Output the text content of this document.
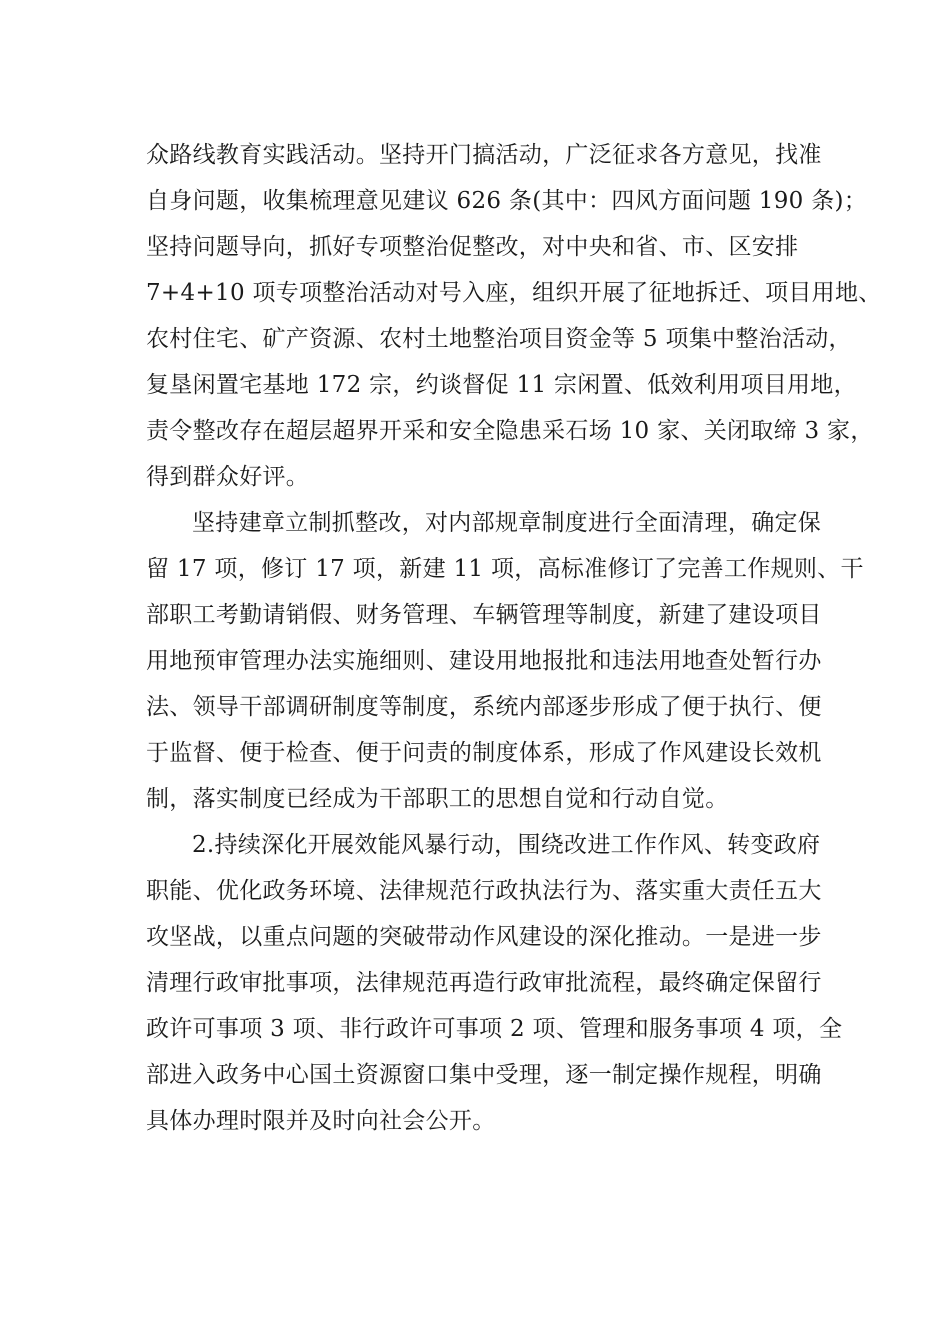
众路线教育实践活动。坚持开门搞活动，广泛征求各方意见，找准
自身问题，收集梳理意见建议 626 条(其中：四风方面问题 190 条)；
坚持问题导向，抓好专项整治促整改，对中央和省、市、区安排
7+4+10 项专项整治活动对号入座，组织开展了征地拆迁、项目用地、
农村住宅、矿产资源、农村土地整治项目资金等 5 项集中整治活动，
复垦闲置宅基地 172 宗，约谈督促 11 宗闲置、低效利用项目用地，
责令整改存在超层超界开采和安全隐患采石场 10 家、关闭取缔 3 家，
得到群众好评。
坚持建章立制抓整改，对内部规章制度进行全面清理，确定保
留 17 项，修订 17 项，新建 11 项，高标准修订了完善工作规则、干
部职工考勤请销假、财务管理、车辆管理等制度，新建了建设项目
用地预审管理办法实施细则、建设用地报批和违法用地查处暂行办
法、领导干部调研制度等制度，系统内部逐步形成了便于执行、便
于监督、便于检查、便于问责的制度体系，形成了作风建设长效机
制，落实制度已经成为干部职工的思想自觉和行动自觉。
2.持续深化开展效能风暴行动，围绕改进工作作风、转变政府
职能、优化政务环境、法律规范行政执法行为、落实重大责任五大
攻坚战，以重点问题的突破带动作风建设的深化推动。一是进一步
清理行政审批事项，法律规范再造行政审批流程，最终确定保留行
政许可事项 3 项、非行政许可事项 2 项、管理和服务事项 4 项，全
部进入政务中心国土资源窗口集中受理，逐一制定操作规程，明确
具体办理时限并及时向社会公开。
